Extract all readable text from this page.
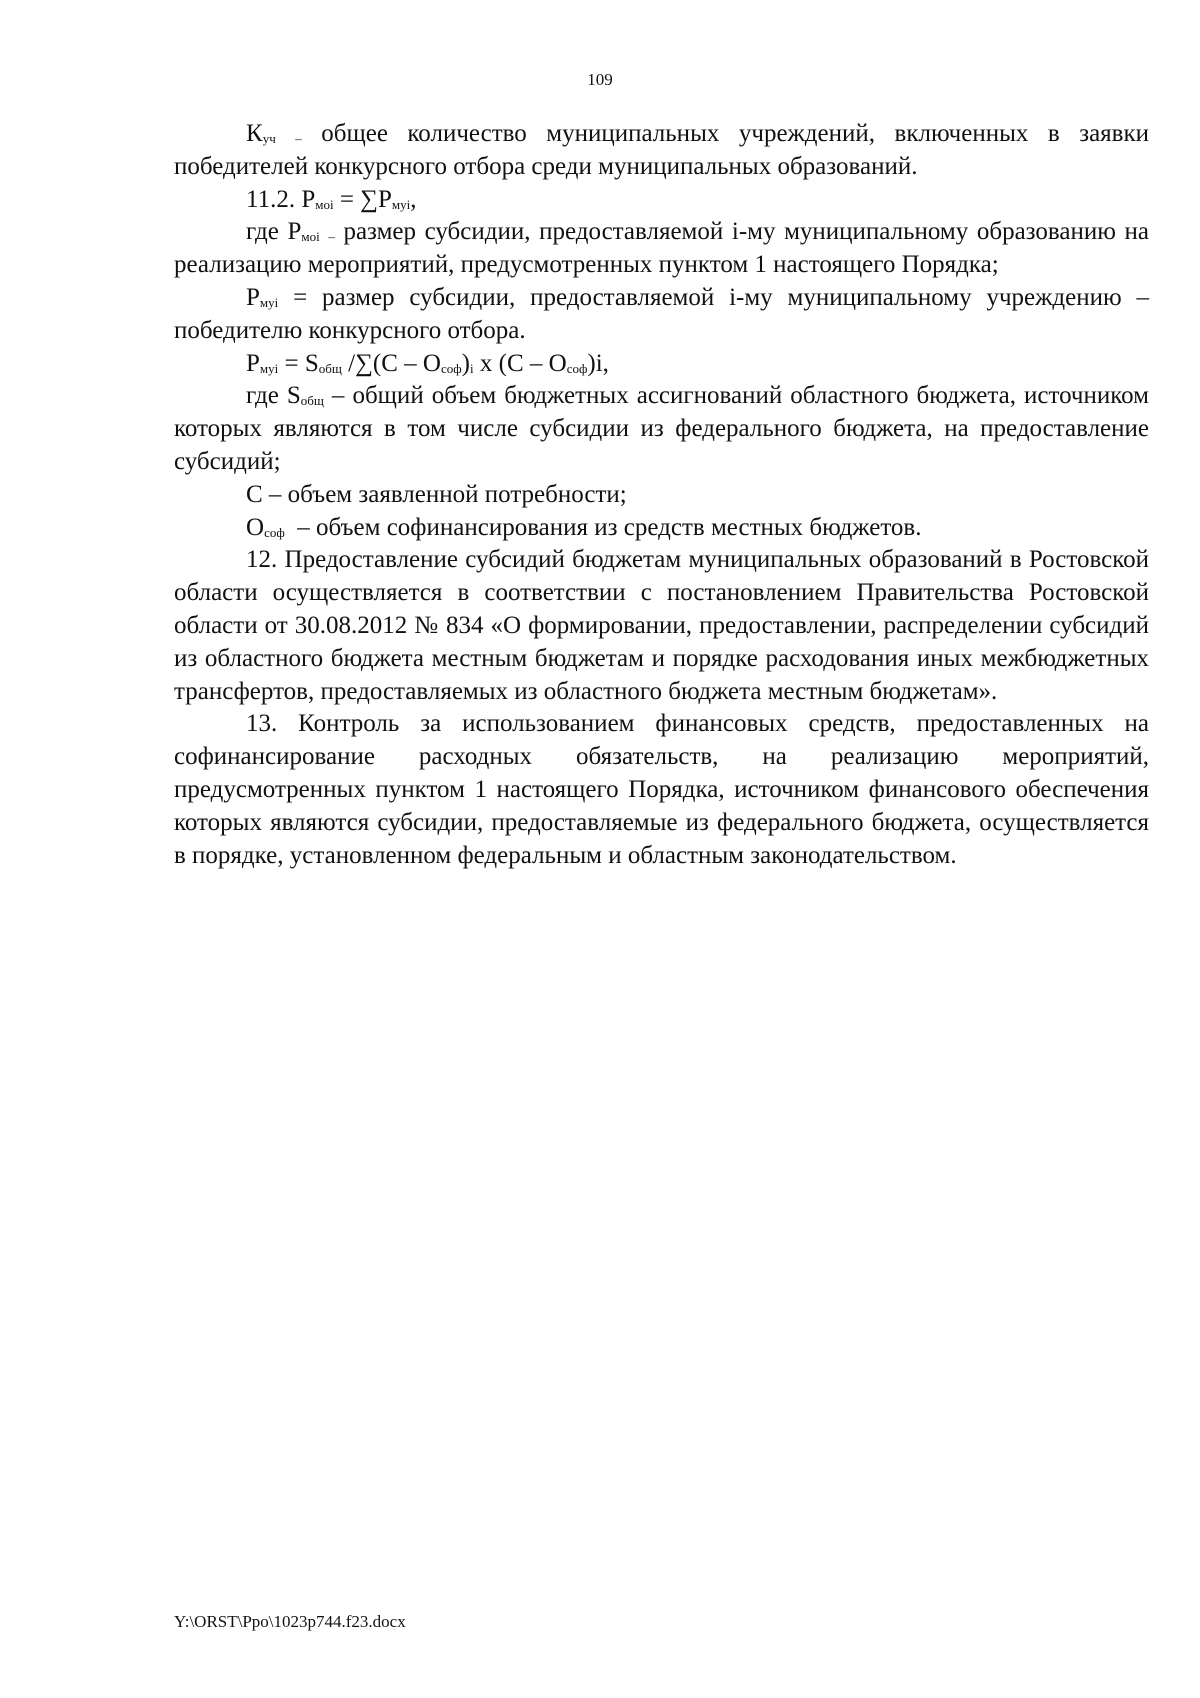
109

$К_{уч}$ $_-$ общее количество муниципальных учреждений, включенных в заявки победителей конкурсного отбора среди муниципальных образований.

11.2. $Р_{моi} = \sum Р_{муi}$,

где $Р_{моi}$ $_-$ размер субсидии, предоставляемой i-му муниципальному образованию на реализацию мероприятий, предусмотренных пунктом 1 настоящего Порядка;

$Р_{муi}$ = размер субсидии, предоставляемой i-му муниципальному учреждению – победителю конкурсного отбора.

$Р_{муi} = S_{общ}$ $/\sum(С - О_{соф})_i$ х $(С - О_{соф})i$,

где $S_{общ}$ – общий объем бюджетных ассигнований областного бюджета, источником которых являются в том числе субсидии из федерального бюджета, на предоставление субсидий;

С – объем заявленной потребности;

$О_{соф}$  – объем софинансирования из средств местных бюджетов.

12. Предоставление субсидий бюджетам муниципальных образований в Ростовской области осуществляется в соответствии с постановлением Правительства Ростовской области от 30.08.2012 № 834 «О формировании, предоставлении, распределении субсидий из областного бюджета местным бюджетам и порядке расходования иных межбюджетных трансфертов, предоставляемых из областного бюджета местным бюджетам».

13. Контроль за использованием финансовых средств, предоставленных на софинансирование расходных обязательств, на реализацию мероприятий, предусмотренных пунктом 1 настоящего Порядка, источником финансового обеспечения которых являются субсидии, предоставляемые из федерального бюджета, осуществляется в порядке, установленном федеральным и областным законодательством.

Y:\ORST\Ppo\1023p744.f23.docx
